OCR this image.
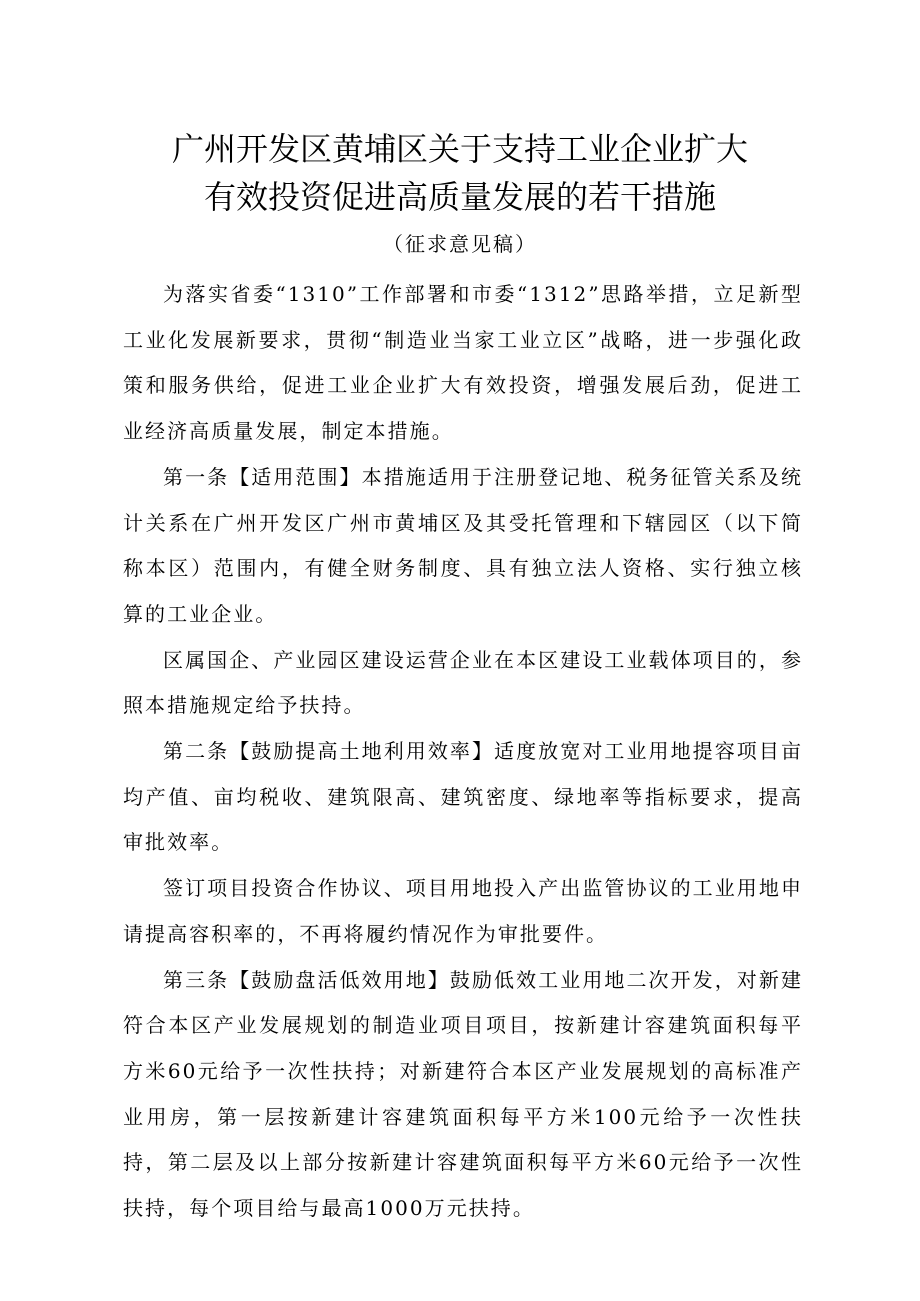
广州开发区黄埔区关于支持工业企业扩大
有效投资促进高质量发展的若干措施
（征求意见稿）

为落实省委“1310”工作部署和市委“1312”思路举措，立足新型工业化发展新要求，贯彻“制造业当家工业立区”战略，进一步强化政策和服务供给，促进工业企业扩大有效投资，增强发展后劲，促进工业经济高质量发展，制定本措施。

第一条【适用范围】本措施适用于注册登记地、税务征管关系及统计关系在广州开发区广州市黄埔区及其受托管理和下辖园区（以下简称本区）范围内，有健全财务制度、具有独立法人资格、实行独立核算的工业企业。

区属国企、产业园区建设运营企业在本区建设工业载体项目的，参照本措施规定给予扶持。

第二条【鼓励提高土地利用效率】适度放宽对工业用地提容项目亩均产值、亩均税收、建筑限高、建筑密度、绿地率等指标要求，提高审批效率。

签订项目投资合作协议、项目用地投入产出监管协议的工业用地申请提高容积率的，不再将履约情况作为审批要件。

第三条【鼓励盘活低效用地】鼓励低效工业用地二次开发，对新建符合本区产业发展规划的制造业项目项目，按新建计容建筑面积每平方米60元给予一次性扶持；对新建符合本区产业发展规划的高标准产业用房，第一层按新建计容建筑面积每平方米100元给予一次性扶持，第二层及以上部分按新建计容建筑面积每平方米60元给予一次性扶持，每个项目给与最高1000万元扶持。
